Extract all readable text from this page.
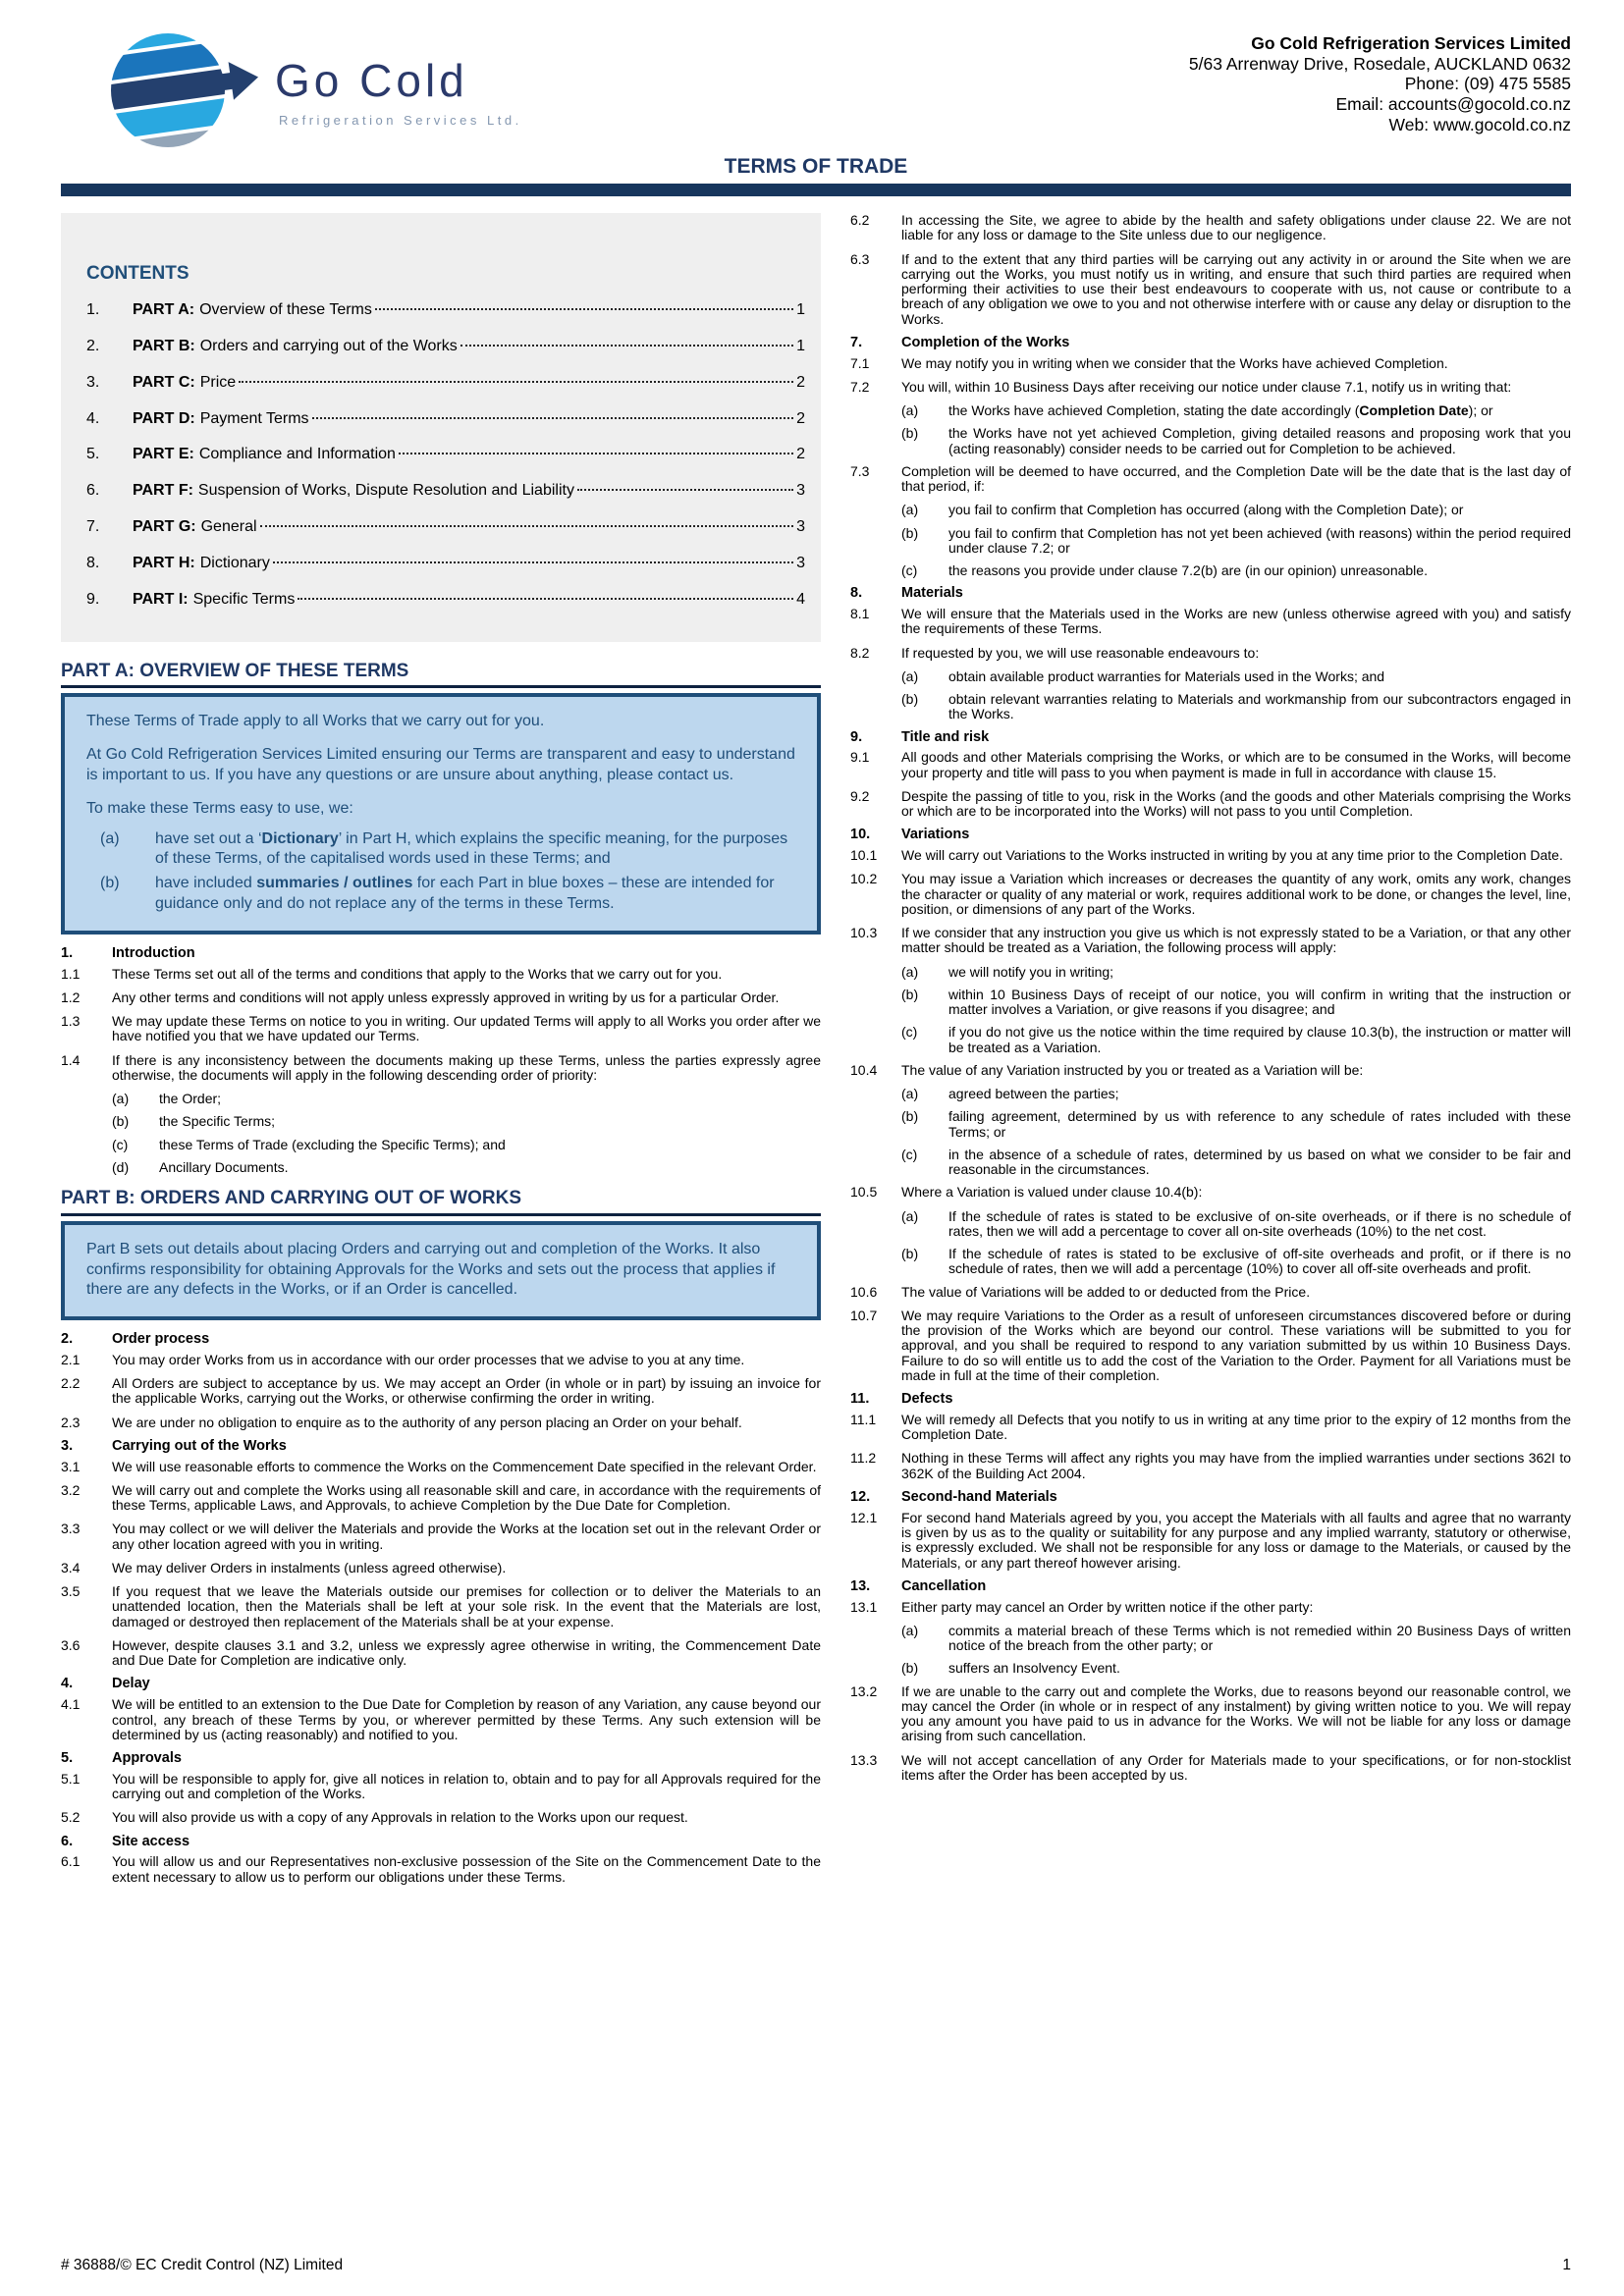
Go Cold
Refrigeration Services Ltd.
Go Cold Refrigeration Services Limited
5/63 Arrenway Drive, Rosedale, AUCKLAND 0632
Phone: (09) 475 5585
Email: accounts@gocold.co.nz
Web: www.gocold.co.nz
TERMS OF TRADE
CONTENTS
1.	PART A: Overview of these Terms	1
2.	PART B: Orders and carrying out of the Works	1
3.	PART C: Price	2
4.	PART D: Payment Terms	2
5.	PART E: Compliance and Information	2
6.	PART F: Suspension of Works, Dispute Resolution and Liability	3
7.	PART G: General	3
8.	PART H: Dictionary	3
9.	PART I: Specific Terms	4
PART A: OVERVIEW OF THESE TERMS

These Terms of Trade apply to all Works that we carry out for you.

At Go Cold Refrigeration Services Limited ensuring our Terms are transparent and easy to understand is important to us. If you have any questions or are unsure about anything, please contact us.

To make these Terms easy to use, we:

(a) have set out a ‘Dictionary’ in Part H, which explains the specific meaning, for the purposes of these Terms, of the capitalised words used in these Terms; and
(b) have included summaries / outlines for each Part in blue boxes – these are intended for guidance only and do not replace any of the terms in these Terms.
1.	Introduction
1.1 These Terms set out all of the terms and conditions that apply to the Works that we carry out for you.
1.2 Any other terms and conditions will not apply unless expressly approved in writing by us for a particular Order.
1.3 We may update these Terms on notice to you in writing. Our updated Terms will apply to all Works you order after we have notified you that we have updated our Terms.
1.4 If there is any inconsistency between the documents making up these Terms, unless the parties expressly agree otherwise, the documents will apply in the following descending order of priority:
(a) the Order;
(b) the Specific Terms;
(c) these Terms of Trade (excluding the Specific Terms); and
(d) Ancillary Documents.
PART B: ORDERS AND CARRYING OUT OF WORKS

Part B sets out details about placing Orders and carrying out and completion of the Works. It also confirms responsibility for obtaining Approvals for the Works and sets out the process that applies if there are any defects in the Works, or if an Order is cancelled.

2.	Order process
2.1 You may order Works from us in accordance with our order processes that we advise to you at any time.
2.2 All Orders are subject to acceptance by us. We may accept an Order (in whole or in part) by issuing an invoice for the applicable Works, carrying out the Works, or otherwise confirming the order in writing.
2.3 We are under no obligation to enquire as to the authority of any person placing an Order on your behalf.
3.	Carrying out of the Works
3.1 We will use reasonable efforts to commence the Works on the Commencement Date specified in the relevant Order.
3.2 We will carry out and complete the Works using all reasonable skill and care, in accordance with the requirements of these Terms, applicable Laws, and Approvals, to achieve Completion by the Due Date for Completion.
3.3 You may collect or we will deliver the Materials and provide the Works at the location set out in the relevant Order or any other location agreed with you in writing.
3.4 We may deliver Orders in instalments (unless agreed otherwise).
3.5 If you request that we leave the Materials outside our premises for collection or to deliver the Materials to an unattended location, then the Materials shall be left at your sole risk. In the event that the Materials are lost, damaged or destroyed then replacement of the Materials shall be at your expense.
3.6 However, despite clauses 3.1 and 3.2, unless we expressly agree otherwise in writing, the Commencement Date and Due Date for Completion are indicative only.
4.	Delay
4.1 We will be entitled to an extension to the Due Date for Completion by reason of any Variation, any cause beyond our control, any breach of these Terms by you, or wherever permitted by these Terms. Any such extension will be determined by us (acting reasonably) and notified to you.
5.	Approvals
5.1 You will be responsible to apply for, give all notices in relation to, obtain and to pay for all Approvals required for the carrying out and completion of the Works.
5.2 You will also provide us with a copy of any Approvals in relation to the Works upon our request.
6.	Site access
6.1 You will allow us and our Representatives non-exclusive possession of the Site on the Commencement Date to the extent necessary to allow us to perform our obligations under these Terms.
6.2 In accessing the Site, we agree to abide by the health and safety obligations under clause 22. We are not liable for any loss or damage to the Site unless due to our negligence.
6.3 If and to the extent that any third parties will be carrying out any activity in or around the Site when we are carrying out the Works, you must notify us in writing, and ensure that such third parties are required when performing their activities to use their best endeavours to cooperate with us, not cause or contribute to a breach of any obligation we owe to you and not otherwise interfere with or cause any delay or disruption to the Works.
7.	Completion of the Works
7.1 We may notify you in writing when we consider that the Works have achieved Completion.
7.2 You will, within 10 Business Days after receiving our notice under clause 7.1, notify us in writing that:
(a) the Works have achieved Completion, stating the date accordingly (Completion Date); or
(b) the Works have not yet achieved Completion, giving detailed reasons and proposing work that you (acting reasonably) consider needs to be carried out for Completion to be achieved.
7.3 Completion will be deemed to have occurred, and the Completion Date will be the date that is the last day of that period, if:
(a) you fail to confirm that Completion has occurred (along with the Completion Date); or
(b) you fail to confirm that Completion has not yet been achieved (with reasons) within the period required under clause 7.2; or
(c) the reasons you provide under clause 7.2(b) are (in our opinion) unreasonable.
8.	Materials
8.1 We will ensure that the Materials used in the Works are new (unless otherwise agreed with you) and satisfy the requirements of these Terms.
8.2 If requested by you, we will use reasonable endeavours to:
(a) obtain available product warranties for Materials used in the Works; and
(b) obtain relevant warranties relating to Materials and workmanship from our subcontractors engaged in the Works.
9.	Title and risk
9.1 All goods and other Materials comprising the Works, or which are to be consumed in the Works, will become your property and title will pass to you when payment is made in full in accordance with clause 15.
9.2 Despite the passing of title to you, risk in the Works (and the goods and other Materials comprising the Works or which are to be incorporated into the Works) will not pass to you until Completion.
10. Variations
10.1 We will carry out Variations to the Works instructed in writing by you at any time prior to the Completion Date.
10.2 You may issue a Variation which increases or decreases the quantity of any work, omits any work, changes the character or quality of any material or work, requires additional work to be done, or changes the level, line, position, or dimensions of any part of the Works.
10.3 If we consider that any instruction you give us which is not expressly stated to be a Variation, or that any other matter should be treated as a Variation, the following process will apply:
(a) we will notify you in writing;
(b) within 10 Business Days of receipt of our notice, you will confirm in writing that the instruction or matter involves a Variation, or give reasons if you disagree; and
(c) if you do not give us the notice within the time required by clause 10.3(b), the instruction or matter will be treated as a Variation.
10.4 The value of any Variation instructed by you or treated as a Variation will be:
(a) agreed between the parties;
(b) failing agreement, determined by us with reference to any schedule of rates included with these Terms; or
(c) in the absence of a schedule of rates, determined by us based on what we consider to be fair and reasonable in the circumstances.
10.5 Where a Variation is valued under clause 10.4(b):
(a) If the schedule of rates is stated to be exclusive of on-site overheads, or if there is no schedule of rates, then we will add a percentage to cover all on-site overheads (10%) to the net cost.
(b) If the schedule of rates is stated to be exclusive of off-site overheads and profit, or if there is no schedule of rates, then we will add a percentage (10%) to cover all off-site overheads and profit.
10.6 The value of Variations will be added to or deducted from the Price.
10.7 We may require Variations to the Order as a result of unforeseen circumstances discovered before or during the provision of the Works which are beyond our control. These variations will be submitted to you for approval, and you shall be required to respond to any variation submitted by us within 10 Business Days. Failure to do so will entitle us to add the cost of the Variation to the Order. Payment for all Variations must be made in full at the time of their completion.
11. Defects
11.1 We will remedy all Defects that you notify to us in writing at any time prior to the expiry of 12 months from the Completion Date.
11.2 Nothing in these Terms will affect any rights you may have from the implied warranties under sections 362I to 362K of the Building Act 2004.
12. Second-hand Materials
12.1 For second hand Materials agreed by you, you accept the Materials with all faults and agree that no warranty is given by us as to the quality or suitability for any purpose and any implied warranty, statutory or otherwise, is expressly excluded. We shall not be responsible for any loss or damage to the Materials, or caused by the Materials, or any part thereof however arising.
13. Cancellation
13.1 Either party may cancel an Order by written notice if the other party:
(a) commits a material breach of these Terms which is not remedied within 20 Business Days of written notice of the breach from the other party; or
(b) suffers an Insolvency Event.
13.2 If we are unable to the carry out and complete the Works, due to reasons beyond our reasonable control, we may cancel the Order (in whole or in respect of any instalment) by giving written notice to you. We will repay you any amount you have paid to us in advance for the Works. We will not be liable for any loss or damage arising from such cancellation.
13.3 We will not accept cancellation of any Order for Materials made to your specifications, or for non-stocklist items after the Order has been accepted by us.
# 36888/© EC Credit Control (NZ) Limited	1
